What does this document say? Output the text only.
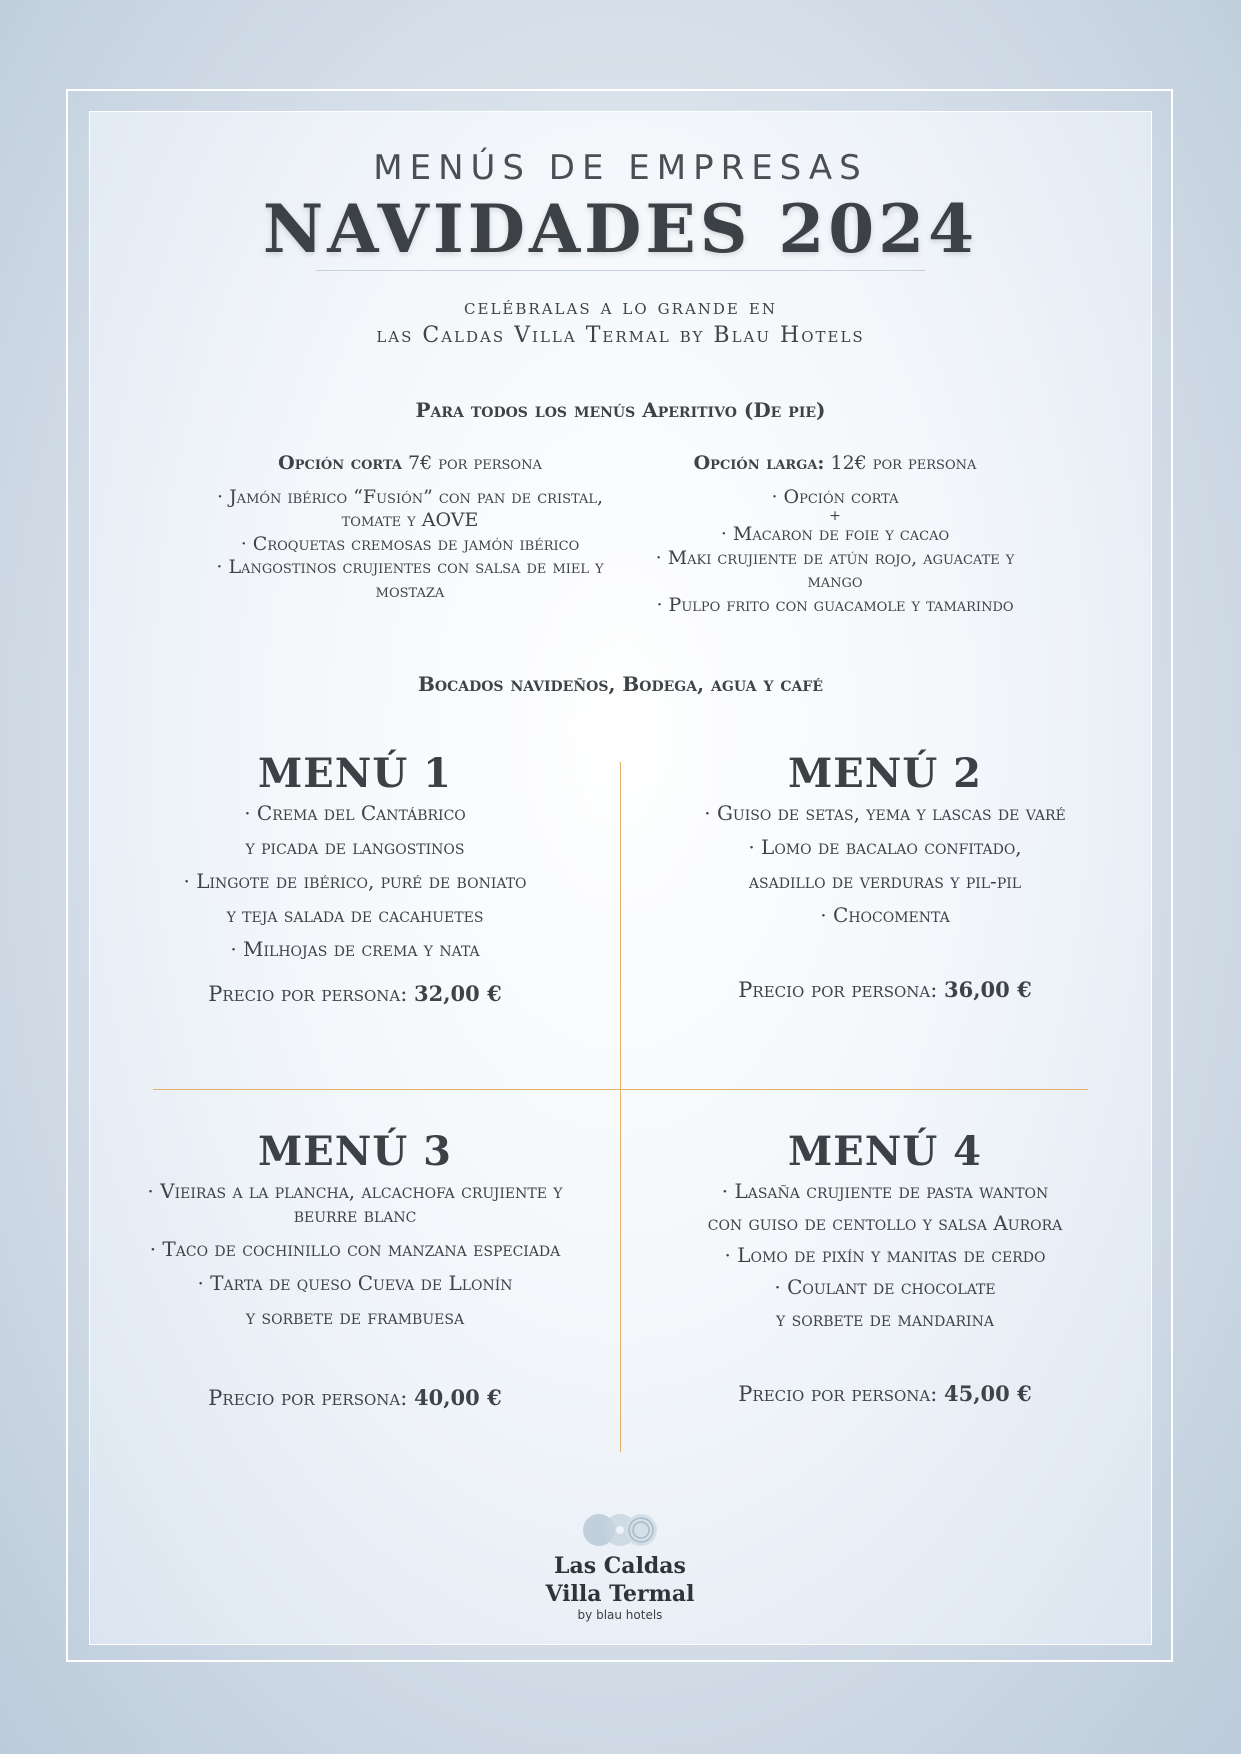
MENÚS DE EMPRESAS
NAVIDADES 2024
celébralas a lo grande en
las Caldas Villa Termal by Blau Hotels
Para todos los menús Aperitivo (De pie)
Opción corta 7€ por persona

· Jamón ibérico “Fusión” con pan de cristal, tomate y AOVE

· Croquetas cremosas de jamón ibérico

· Langostinos crujientes con salsa de miel y mostaza

Opción larga: 12€ por persona

· Opción corta

+

· Macaron de foie y cacao

· Maki crujiente de atún rojo, aguacate y mango

· Pulpo frito con guacamole y tamarindo

Bocados navideños, Bodega, agua y café
MENÚ 1
· Crema del Cantábrico
y picada de langostinos
· Lingote de ibérico, puré de boniato
y teja salada de cacahuetes
· Milhojas de crema y nata
Precio por persona: 32,00 €
MENÚ 2
· Guiso de setas, yema y lascas de varé
· Lomo de bacalao confitado,
asadillo de verduras y pil-pil
· Chocomenta
Precio por persona: 36,00 €
MENÚ 3
· Vieiras a la plancha, alcachofa crujiente y beurre blanc
· Taco de cochinillo con manzana especiada
· Tarta de queso Cueva de Llonín
y sorbete de frambuesa
Precio por persona: 40,00 €
MENÚ 4
· Lasaña crujiente de pasta wanton
con guiso de centollo y salsa Aurora
· Lomo de pixín y manitas de cerdo
· Coulant de chocolate
y sorbete de mandarina
Precio por persona: 45,00 €
Las Caldas
Villa Termal
by blau hotels
